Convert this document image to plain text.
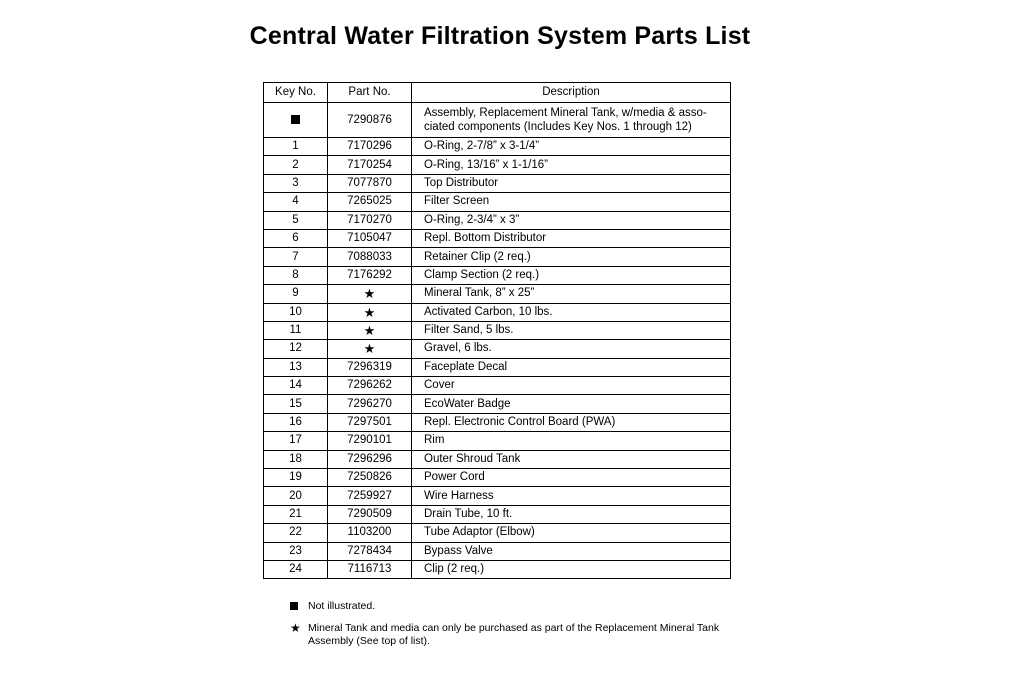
Central Water Filtration System Parts List
Key No.	Part No.	Description
	7290876	Assembly, Replacement Mineral Tank, w/media & asso- ciated components (Includes Key Nos. 1 through 12)
1	7170296	O-Ring, 2-7/8” x 3-1/4”
2	7170254	O-Ring, 13/16” x 1-1/16”
3	7077870	Top Distributor
4	7265025	Filter Screen
5	7170270	O-Ring, 2-3/4” x 3”
6	7105047	Repl. Bottom Distributor
7	7088033	Retainer Clip (2 req.)
8	7176292	Clamp Section (2 req.)
9	★	Mineral Tank, 8” x 25”
10	★	Activated Carbon, 10 lbs.
11	★	Filter Sand, 5 lbs.
12	★	Gravel, 6 lbs.
13	7296319	Faceplate Decal
14	7296262	Cover
15	7296270	EcoWater Badge
16	7297501	Repl. Electronic Control Board (PWA)
17	7290101	Rim
18	7296296	Outer Shroud Tank
19	7250826	Power Cord
20	7259927	Wire Harness
21	7290509	Drain Tube, 10 ft.
22	1103200	Tube Adaptor (Elbow)
23	7278434	Bypass Valve
24	7116713	Clip (2 req.)
Not illustrated.
★ Mineral Tank and media can only be purchased as part of the Replacement Mineral Tank Assembly (See top of list).
